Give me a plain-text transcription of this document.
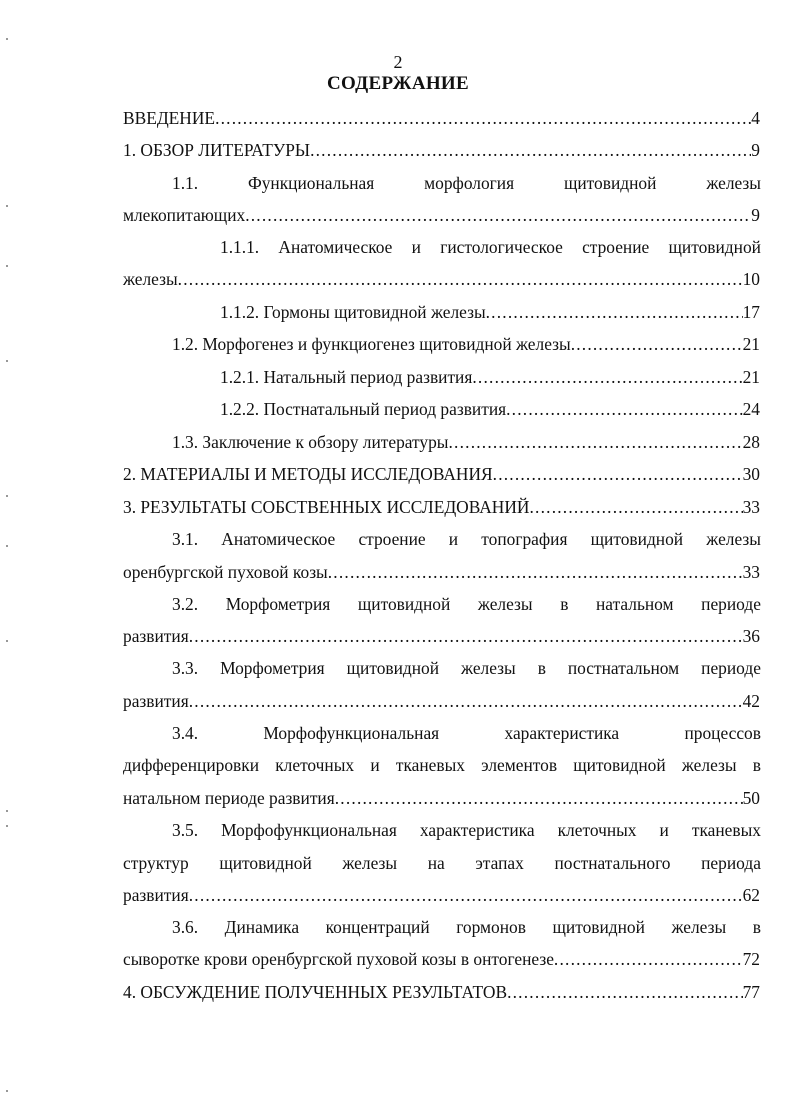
2
СОДЕРЖАНИЕ
ВВЕДЕНИЕ .....	4
1. ОБЗОР ЛИТЕРАТУРЫ .....	9
1.1.	Функциональная	морфология	щитовидной	железы
млекопитающих .....	9
1.1.1. Анатомическое и гистологическое строение щитовидной
железы .....	10
1.1.2. Гормоны щитовидной железы .....	17
1.2. Морфогенез и функциогенез щитовидной железы .....	21
1.2.1. Натальный период развития .....	21
1.2.2. Постнатальный период развития .....	24
1.3. Заключение к обзору литературы .....	28
2. МАТЕРИАЛЫ И МЕТОДЫ ИССЛЕДОВАНИЯ .....	30
3. РЕЗУЛЬТАТЫ СОБСТВЕННЫХ ИССЛЕДОВАНИЙ .....	33
3.1. Анатомическое строение и топография щитовидной железы
оренбургской пуховой козы .....	33
3.2. Морфометрия щитовидной железы в натальном периоде
развития .....	36
3.3. Морфометрия щитовидной железы в постнатальном периоде
развития .....	42
3.4.	Морфофункциональная	характеристика	процессов
дифференцировки клеточных и тканевых элементов щитовидной железы в
натальном периоде развития .....	50
3.5. Морфофункциональная характеристика клеточных и тканевых
структур щитовидной железы на этапах постнатального периода
развития .....	62
3.6. Динамика концентраций гормонов щитовидной железы в
сыворотке крови оренбургской пуховой козы в онтогенезе .....	72
4. ОБСУЖДЕНИЕ ПОЛУЧЕННЫХ РЕЗУЛЬТАТОВ .....	77
